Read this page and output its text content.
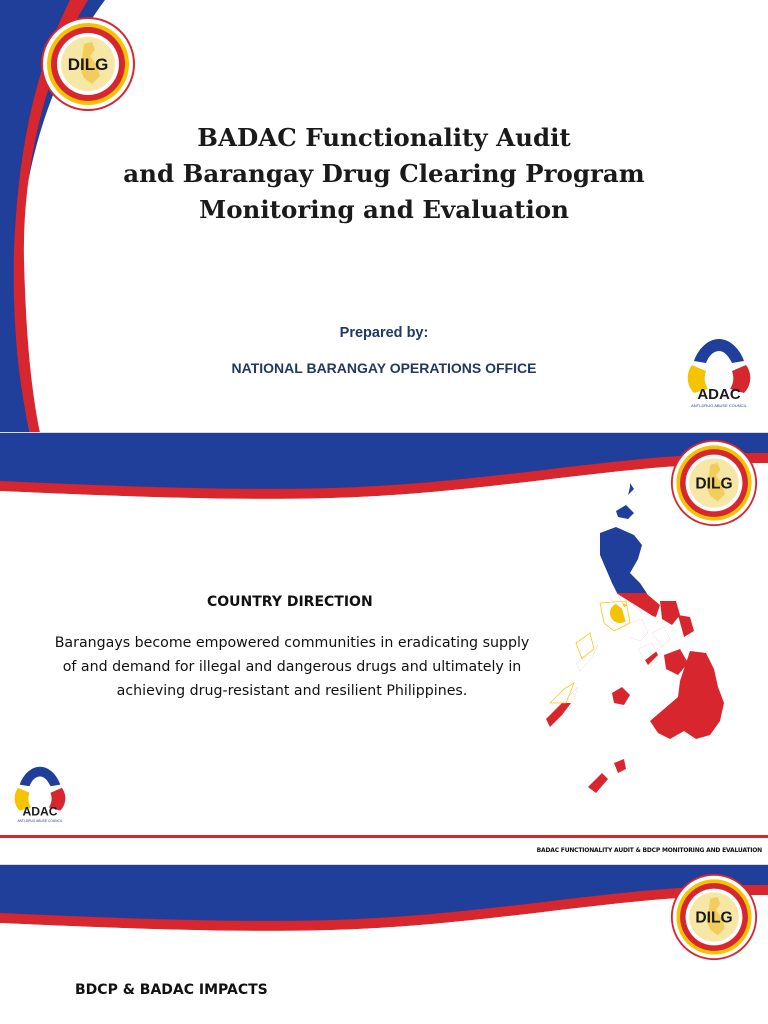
DILG
BADAC Functionality Audit
and Barangay Drug Clearing Program
Monitoring and Evaluation
Prepared by:
NATIONAL BARANGAY OPERATIONS OFFICE
ADAC
ANTI-DRUG ABUSE COUNCIL
DILG
COUNTRY DIRECTION
Barangays become empowered communities in eradicating supply
of and demand for illegal and dangerous drugs and ultimately in
achieving drug-resistant and resilient Philippines.
ADAC
ANTI-DRUG ABUSE COUNCIL
BADAC FUNCTIONALITY AUDIT & BDCP MONITORING AND EVALUATION
DILG
BDCP & BADAC IMPACTS
